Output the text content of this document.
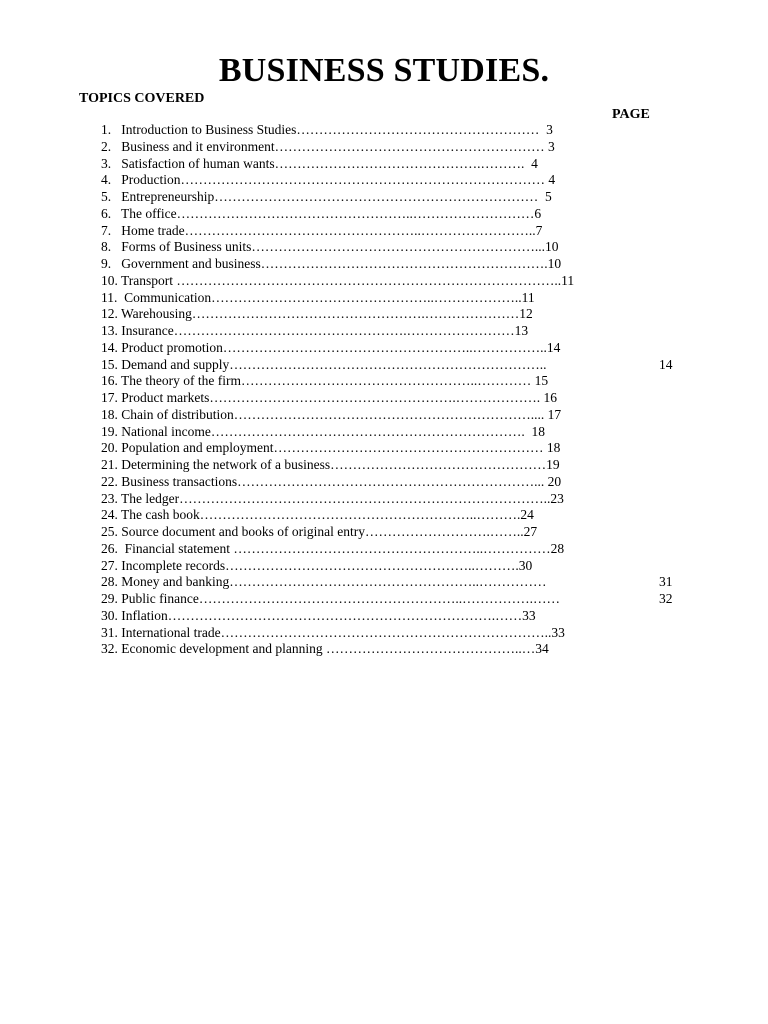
BUSINESS STUDIES.
TOPICS COVERED
PAGE
1.   Introduction to Business Studies………………………………………………  3
2.   Business and it environment…………………………………………………… 3
3.   Satisfaction of human wants……………………………………….……….  4
4.   Production……………………………………………………………………… 4
5.   Entrepreneurship………………………………………………………………  5
6.   The office……………………………………………..………………………6
7.   Home trade……………………………………………..……………………..7
8.   Forms of Business units………………………………………………………...10
9.   Government and business……………………………………………………….10
10. Transport …………………………………………………………………………..11
11.  Communication…………………………………………..………………..11
12. Warehousing…………………………………………….…………………12
13. Insurance…………………………………………….……………………13
14. Product promotion………………………………………………..……………..14
15. Demand and supply……………………………………………………………..	14
16. The theory of the firm……………………………………………..………… 15
17. Product markets……………………………………………….………………. 16
18. Chain of distribution………………………………………………………….... 17
19. National income…………………………………………………………….  18
20. Population and employment…………………………………………………… 18
21. Determining the network of a business…………………………………………19
22. Business transactions…………………………………………………………... 20
23. The ledger………………………………………………………………………..23
24. The cash book……………………………………………………..……….24
25. Source document and books of original entry……………………….……..27
26.  Financial statement ………………………………………………..……………28
27. Incomplete records………………………………………………..……….30
28. Money and banking………………………………………………..……………	31
29. Public finance…………………………………………………..…………….……	32
30. Inflation……………………………………………………………….……33
31. International trade………………………………………………………………..33
32. Economic development and planning ……………………………………..…34
